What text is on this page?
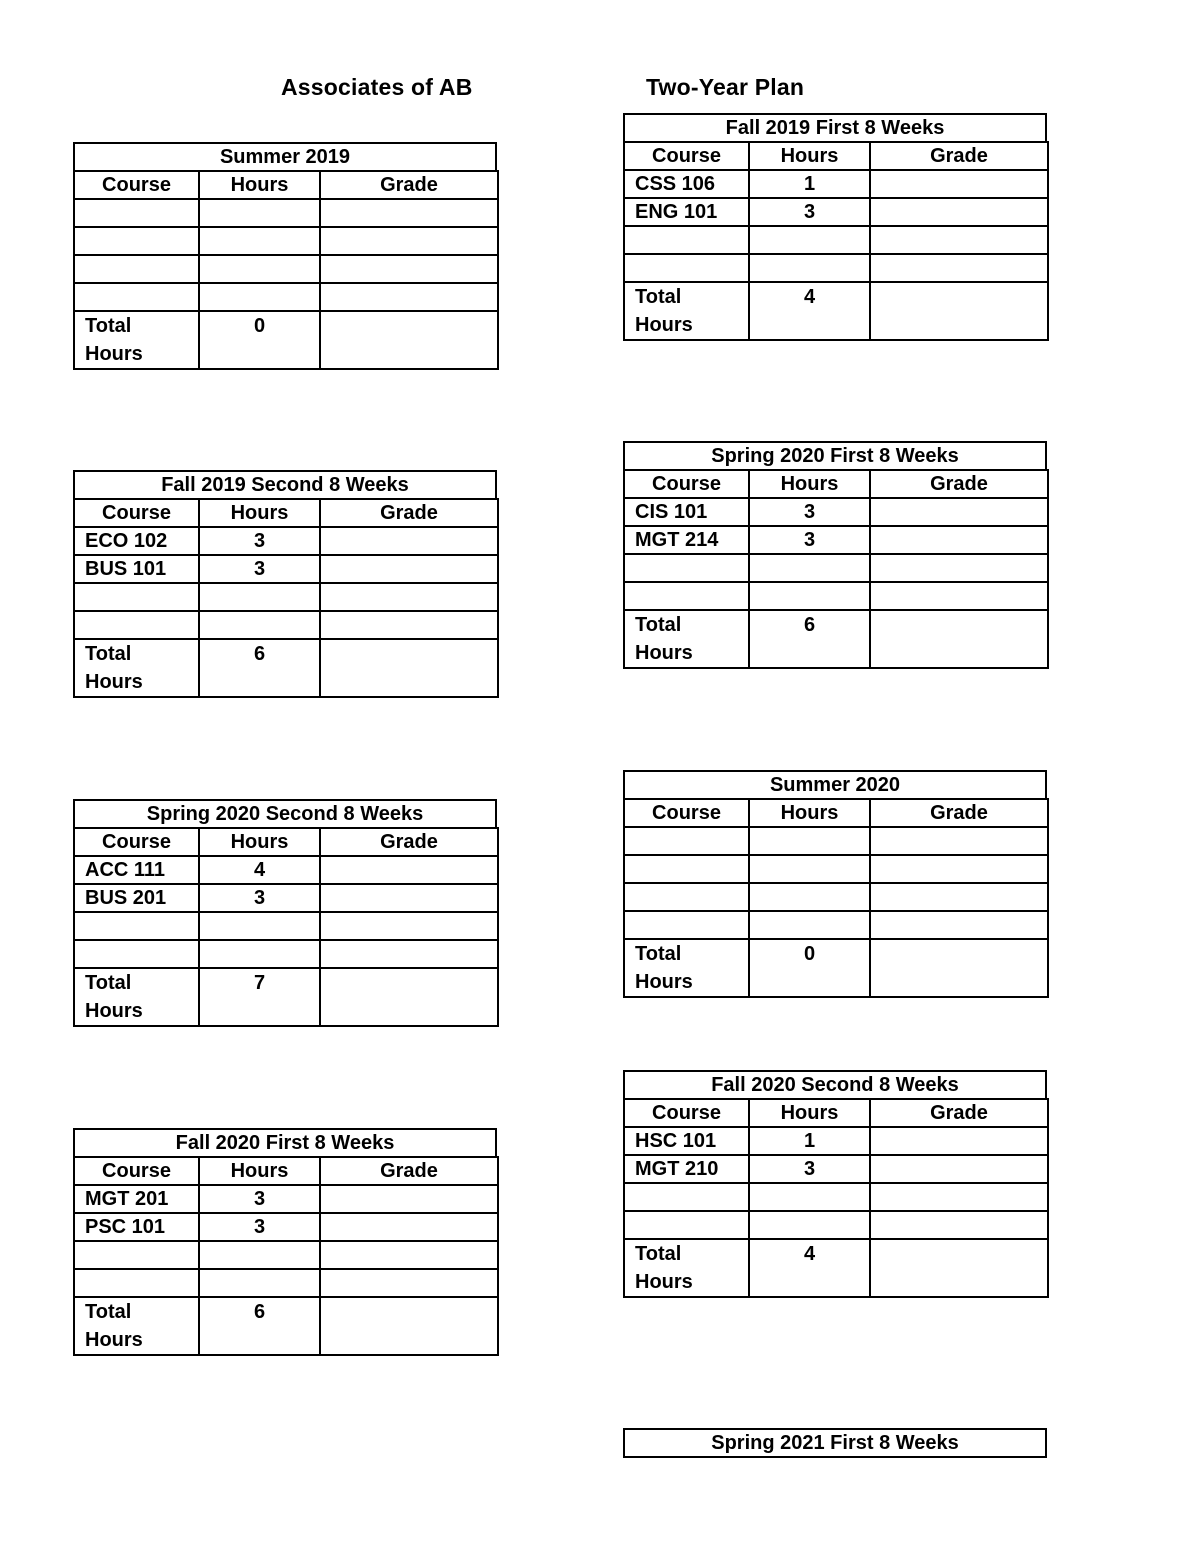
Associates of AB	Two-Year Plan
Summer 2019
Course	Hours	Grade

Total Hours	0	
Fall 2019 First 8 Weeks
Course	Hours	Grade
CSS 106	1	
ENG 101	3	

Total Hours	4	
Fall 2019 Second 8 Weeks
Course	Hours	Grade
ECO 102	3	
BUS 101	3	

Total Hours	6	
Spring 2020 First 8 Weeks
Course	Hours	Grade
CIS 101	3	
MGT 214	3	

Total Hours	6	
Spring 2020 Second 8 Weeks
Course	Hours	Grade
ACC 111	4	
BUS 201	3	

Total Hours	7	
Summer 2020
Course	Hours	Grade

Total Hours	0	
Fall 2020 First 8 Weeks
Course	Hours	Grade
MGT 201	3	
PSC 101	3	

Total Hours	6	
Fall 2020 Second 8 Weeks
Course	Hours	Grade
HSC 101	1	
MGT 210	3	

Total Hours	4	
Spring 2021 First 8 Weeks
